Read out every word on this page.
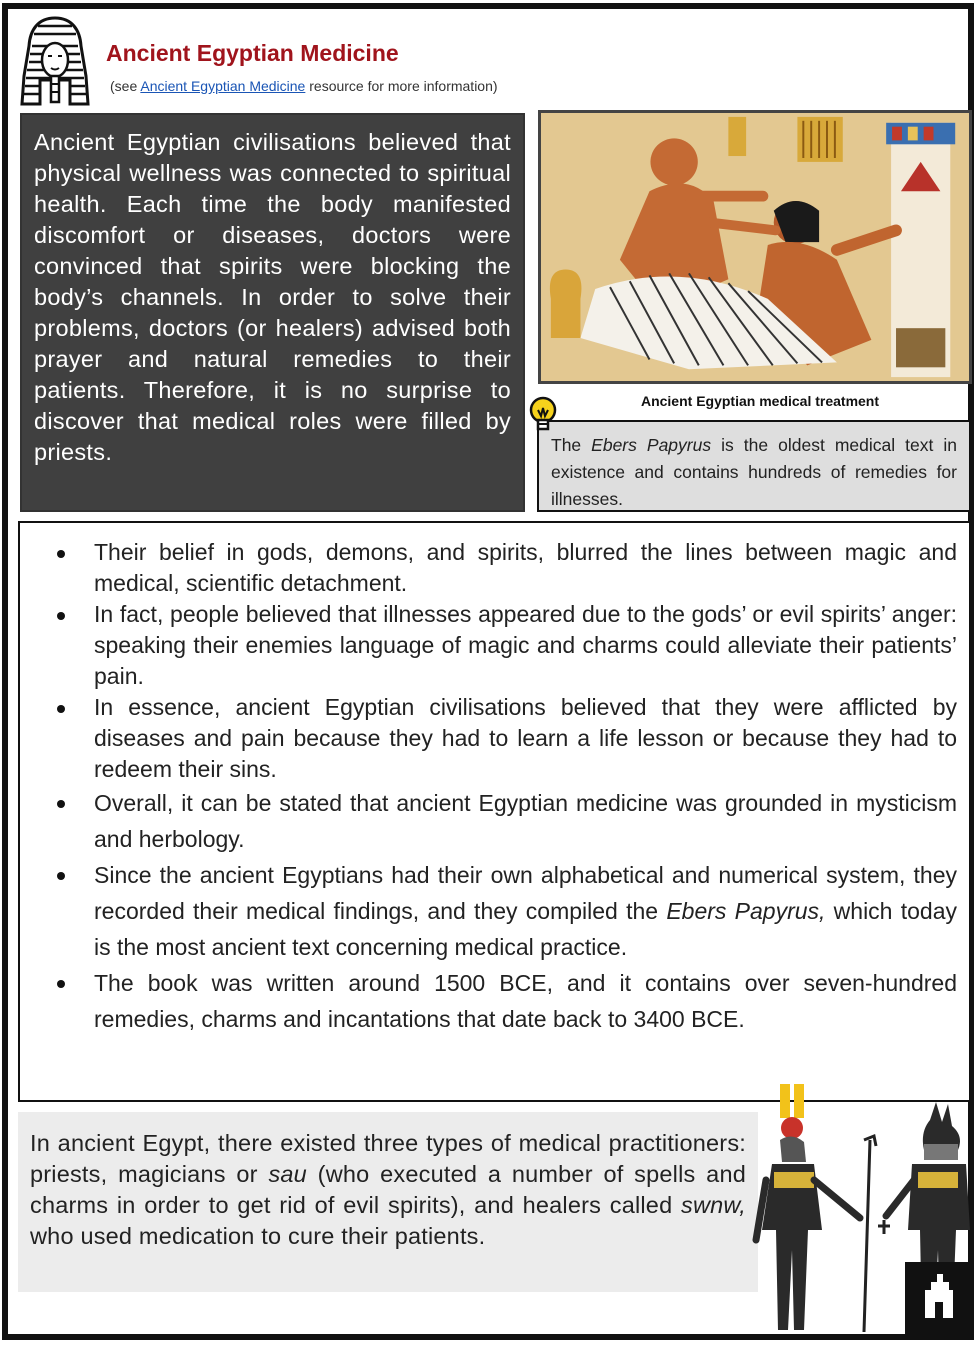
Ancient Egyptian Medicine
(see Ancient Egyptian Medicine resource for more information)

Ancient Egyptian civilisations believed that physical wellness was connected to spiritual health. Each time the body manifested discomfort or diseases, doctors were convinced that spirits were blocking the body’s channels. In order to solve their problems, doctors (or healers) advised both prayer and natural remedies to their patients. Therefore, it is no surprise to discover that medical roles were filled by priests.

Ancient Egyptian medical treatment

The Ebers Papyrus is the oldest medical text in existence and contains hundreds of remedies for illnesses.

Their belief in gods, demons, and spirits, blurred the lines between magic and medical, scientific detachment.
In fact, people believed that illnesses appeared due to the gods’ or evil spirits’ anger: speaking their enemies language of magic and charms could alleviate their patients’ pain.
In essence, ancient Egyptian civilisations believed that they were afflicted by diseases and pain because they had to learn a life lesson or because they had to redeem their sins.
Overall, it can be stated that ancient Egyptian medicine was grounded in mysticism and herbology.
Since the ancient Egyptians had their own alphabetical and numerical system, they recorded their medical findings, and they compiled the Ebers Papyrus, which today is the most ancient text concerning medical practice.
The book was written around 1500 BCE, and it contains over seven-hundred remedies, charms and incantations that date back to 3400 BCE.

In ancient Egypt, there existed three types of medical practitioners: priests, magicians or sau (who executed a number of spells and charms in order to get rid of evil spirits), and healers called swnw, who used medication to cure their patients.
